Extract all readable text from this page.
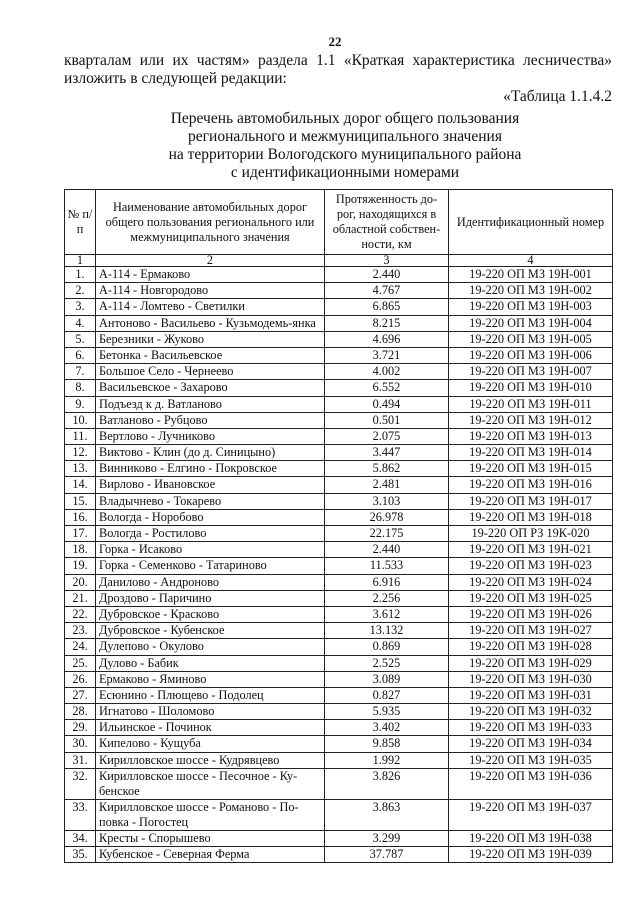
22
кварталам или их частям» раздела 1.1 «Краткая характеристика лесничества»
изложить в следующей редакции:
«Таблица 1.1.4.2
Перечень автомобильных дорог общего пользования
регионального и межмуниципального значения
на территории Вологодского муниципального района
с идентификационными номерами
№ п/п	Наименование автомобильных дорог общего пользования регионального или межмуниципального значения	Протяженность до-рог, находящихся в областной собствен-ности, км	Идентификационный номер
1	2	3	4
1.	А-114 - Ермаково	2.440	19-220 ОП МЗ 19Н-001
2.	А-114 - Новгородово	4.767	19-220 ОП МЗ 19Н-002
3.	А-114 - Ломтево - Светилки	6.865	19-220 ОП МЗ 19Н-003
4.	Антоново - Васильево - Кузьмодемь-янка	8.215	19-220 ОП МЗ 19Н-004
5.	Березники - Жуково	4.696	19-220 ОП МЗ 19Н-005
6.	Бетонка - Васильевское	3.721	19-220 ОП МЗ 19Н-006
7.	Большое Село - Чернеево	4.002	19-220 ОП МЗ 19Н-007
8.	Васильевское - Захарово	6.552	19-220 ОП МЗ 19Н-010
9.	Подъезд к д. Ватланово	0.494	19-220 ОП МЗ 19Н-011
10.	Ватланово - Рубцово	0.501	19-220 ОП МЗ 19Н-012
11.	Вертлово - Лучниково	2.075	19-220 ОП МЗ 19Н-013
12.	Виктово - Клин (до д. Синицыно)	3.447	19-220 ОП МЗ 19Н-014
13.	Винниково - Елгино - Покровское	5.862	19-220 ОП МЗ 19Н-015
14.	Вирлово - Ивановское	2.481	19-220 ОП МЗ 19Н-016
15.	Владычнево - Токарево	3.103	19-220 ОП МЗ 19Н-017
16.	Вологда - Норобово	26.978	19-220 ОП МЗ 19Н-018
17.	Вологда - Ростилово	22.175	19-220 ОП РЗ 19К-020
18.	Горка - Исаково	2.440	19-220 ОП МЗ 19Н-021
19.	Горка - Семенково - Татариново	11.533	19-220 ОП МЗ 19Н-023
20.	Данилово - Андроново	6.916	19-220 ОП МЗ 19Н-024
21.	Дроздово - Паричино	2.256	19-220 ОП МЗ 19Н-025
22.	Дубровское - Красково	3.612	19-220 ОП МЗ 19Н-026
23.	Дубровское - Кубенское	13.132	19-220 ОП МЗ 19Н-027
24.	Дулепово - Окулово	0.869	19-220 ОП МЗ 19Н-028
25.	Дулово - Бабик	2.525	19-220 ОП МЗ 19Н-029
26.	Ермаково - Яминово	3.089	19-220 ОП МЗ 19Н-030
27.	Есюнино - Плющево - Подолец	0.827	19-220 ОП МЗ 19Н-031
28.	Игнатово - Шоломово	5.935	19-220 ОП МЗ 19Н-032
29.	Ильинское - Починок	3.402	19-220 ОП МЗ 19Н-033
30.	Кипелово - Кущуба	9.858	19-220 ОП МЗ 19Н-034
31.	Кирилловское шоссе - Кудрявцево	1.992	19-220 ОП МЗ 19Н-035
32.	Кирилловское шоссе - Песочное - Ку-бенское	3.826	19-220 ОП МЗ 19Н-036
33.	Кирилловское шоссе - Романово - По-повка - Погостец	3.863	19-220 ОП МЗ 19Н-037
34.	Кресты - Спорышево	3.299	19-220 ОП МЗ 19Н-038
35.	Кубенское - Северная Ферма	37.787	19-220 ОП МЗ 19Н-039
